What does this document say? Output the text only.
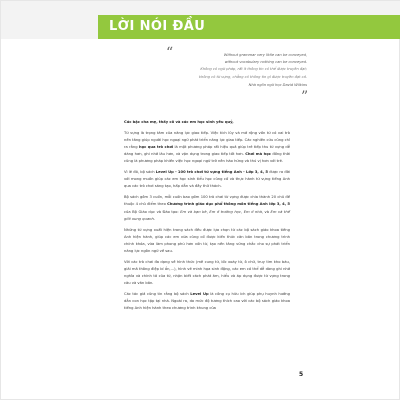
LỜI NÓI ĐẦU
“	Without grammar very little can be conveyed,
without vocabulary nothing can be conveyed.
Không có ngữ pháp, rất ít thông tin có thể được truyền đạt;
không có từ vựng, chẳng có thông tin gì được truyền đạt cả.
Nhà ngôn ngữ học David Wilkins
”

Các bậc cha mẹ, thầy cô và các em học sinh yêu quý,

Từ vựng là trọng tâm của năng lực giao tiếp. Việc tích lũy và mở rộng vốn từ có vai trò nền tảng giúp người học ngoại ngữ phát triển năng lực giao tiếp. Các nghiên cứu cũng chỉ ra rằng học qua trò chơi là một phương pháp rất hiệu quả giúp trẻ tiếp thu từ vựng dễ dàng hơn, ghi nhớ lâu hơn, và vận dụng trong giao tiếp tốt hơn. Chơi mà học đồng thời cũng là phương pháp khiến việc học ngoại ngữ trở nên hào hứng và thú vị hơn với trẻ.

Vì lẽ đó, bộ sách Level Up - 100 trò chơi từ vựng tiếng Anh - Lớp 3, 4, 5 được ra đời với mong muốn giúp các em học sinh tiểu học củng cố và thực hành từ vựng tiếng Anh qua các trò chơi sáng tạo, hấp dẫn và đầy thử thách.

Bộ sách gồm 3 cuốn, mỗi cuốn bao gồm 100 trò chơi từ vựng được chia thành 20 chủ đề thuộc 4 chủ điểm theo Chương trình giáo dục phổ thông môn tiếng Anh lớp 3, 4, 5 của Bộ Giáo dục và Đào tạo: Em và bạn bè, Em ở trường học, Em ở nhà, và Em và thế giới xung quanh.

Những từ vựng xuất hiện trong sách đều được lựa chọn từ các bộ sách giáo khoa tiếng Anh hiện hành, giúp các em vừa củng cố được kiến thức căn bản trong chương trình chính khóa, vừa làm phong phú hơn vốn từ, tạo nền tảng vững chắc cho sự phát triển năng lực ngôn ngữ về sau.

Với các trò chơi đa dạng về hình thức (mê cung từ, lốc xoáy từ, ô chữ, truy tìm kho báu, giải mã thông điệp bí ẩn,...), hình vẽ minh họa sinh động, các em có thể dễ dàng ghi nhớ nghĩa và chính tả của từ, nhận biết cách phát âm, hiểu và áp dụng được từ vựng trong câu và văn bản.

Các tác giả cũng tin rằng bộ sách Level Up là công cụ hữu ích giúp phụ huynh hướng dẫn con học tập tại nhà. Ngoài ra, do mức độ tương thích cao với các bộ sách giáo khoa tiếng Anh hiện hành theo chương trình khung của

5
